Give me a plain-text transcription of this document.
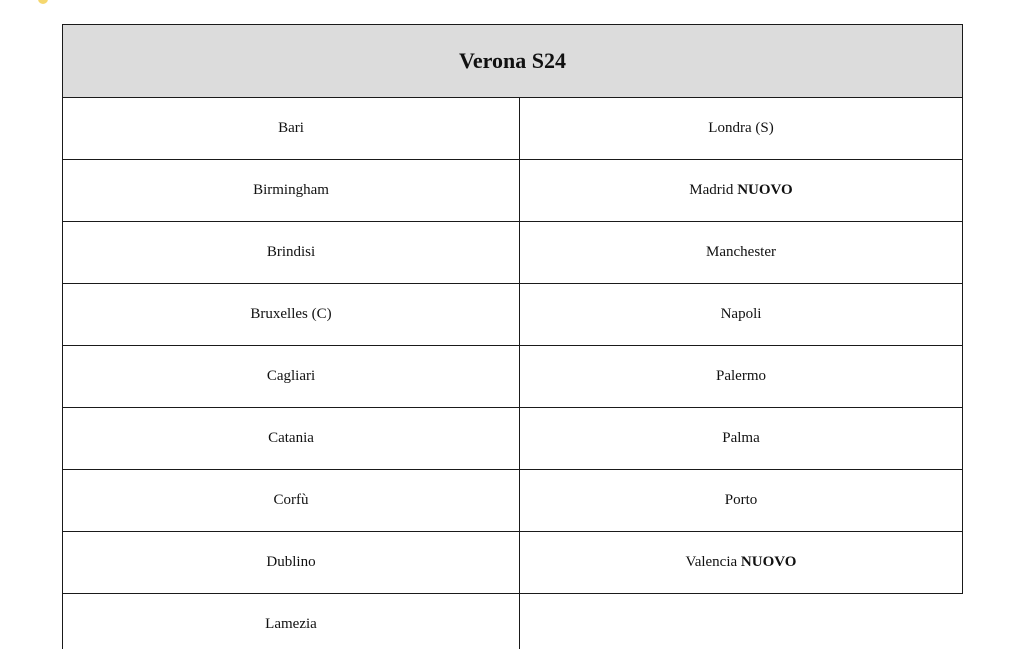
Verona S24	
Bari	Londra (S)
Birmingham	Madrid NUOVO
Brindisi	Manchester
Bruxelles (C)	Napoli
Cagliari	Palermo
Catania	Palma
Corfù	Porto
Dublino	Valencia NUOVO
Lamezia	
